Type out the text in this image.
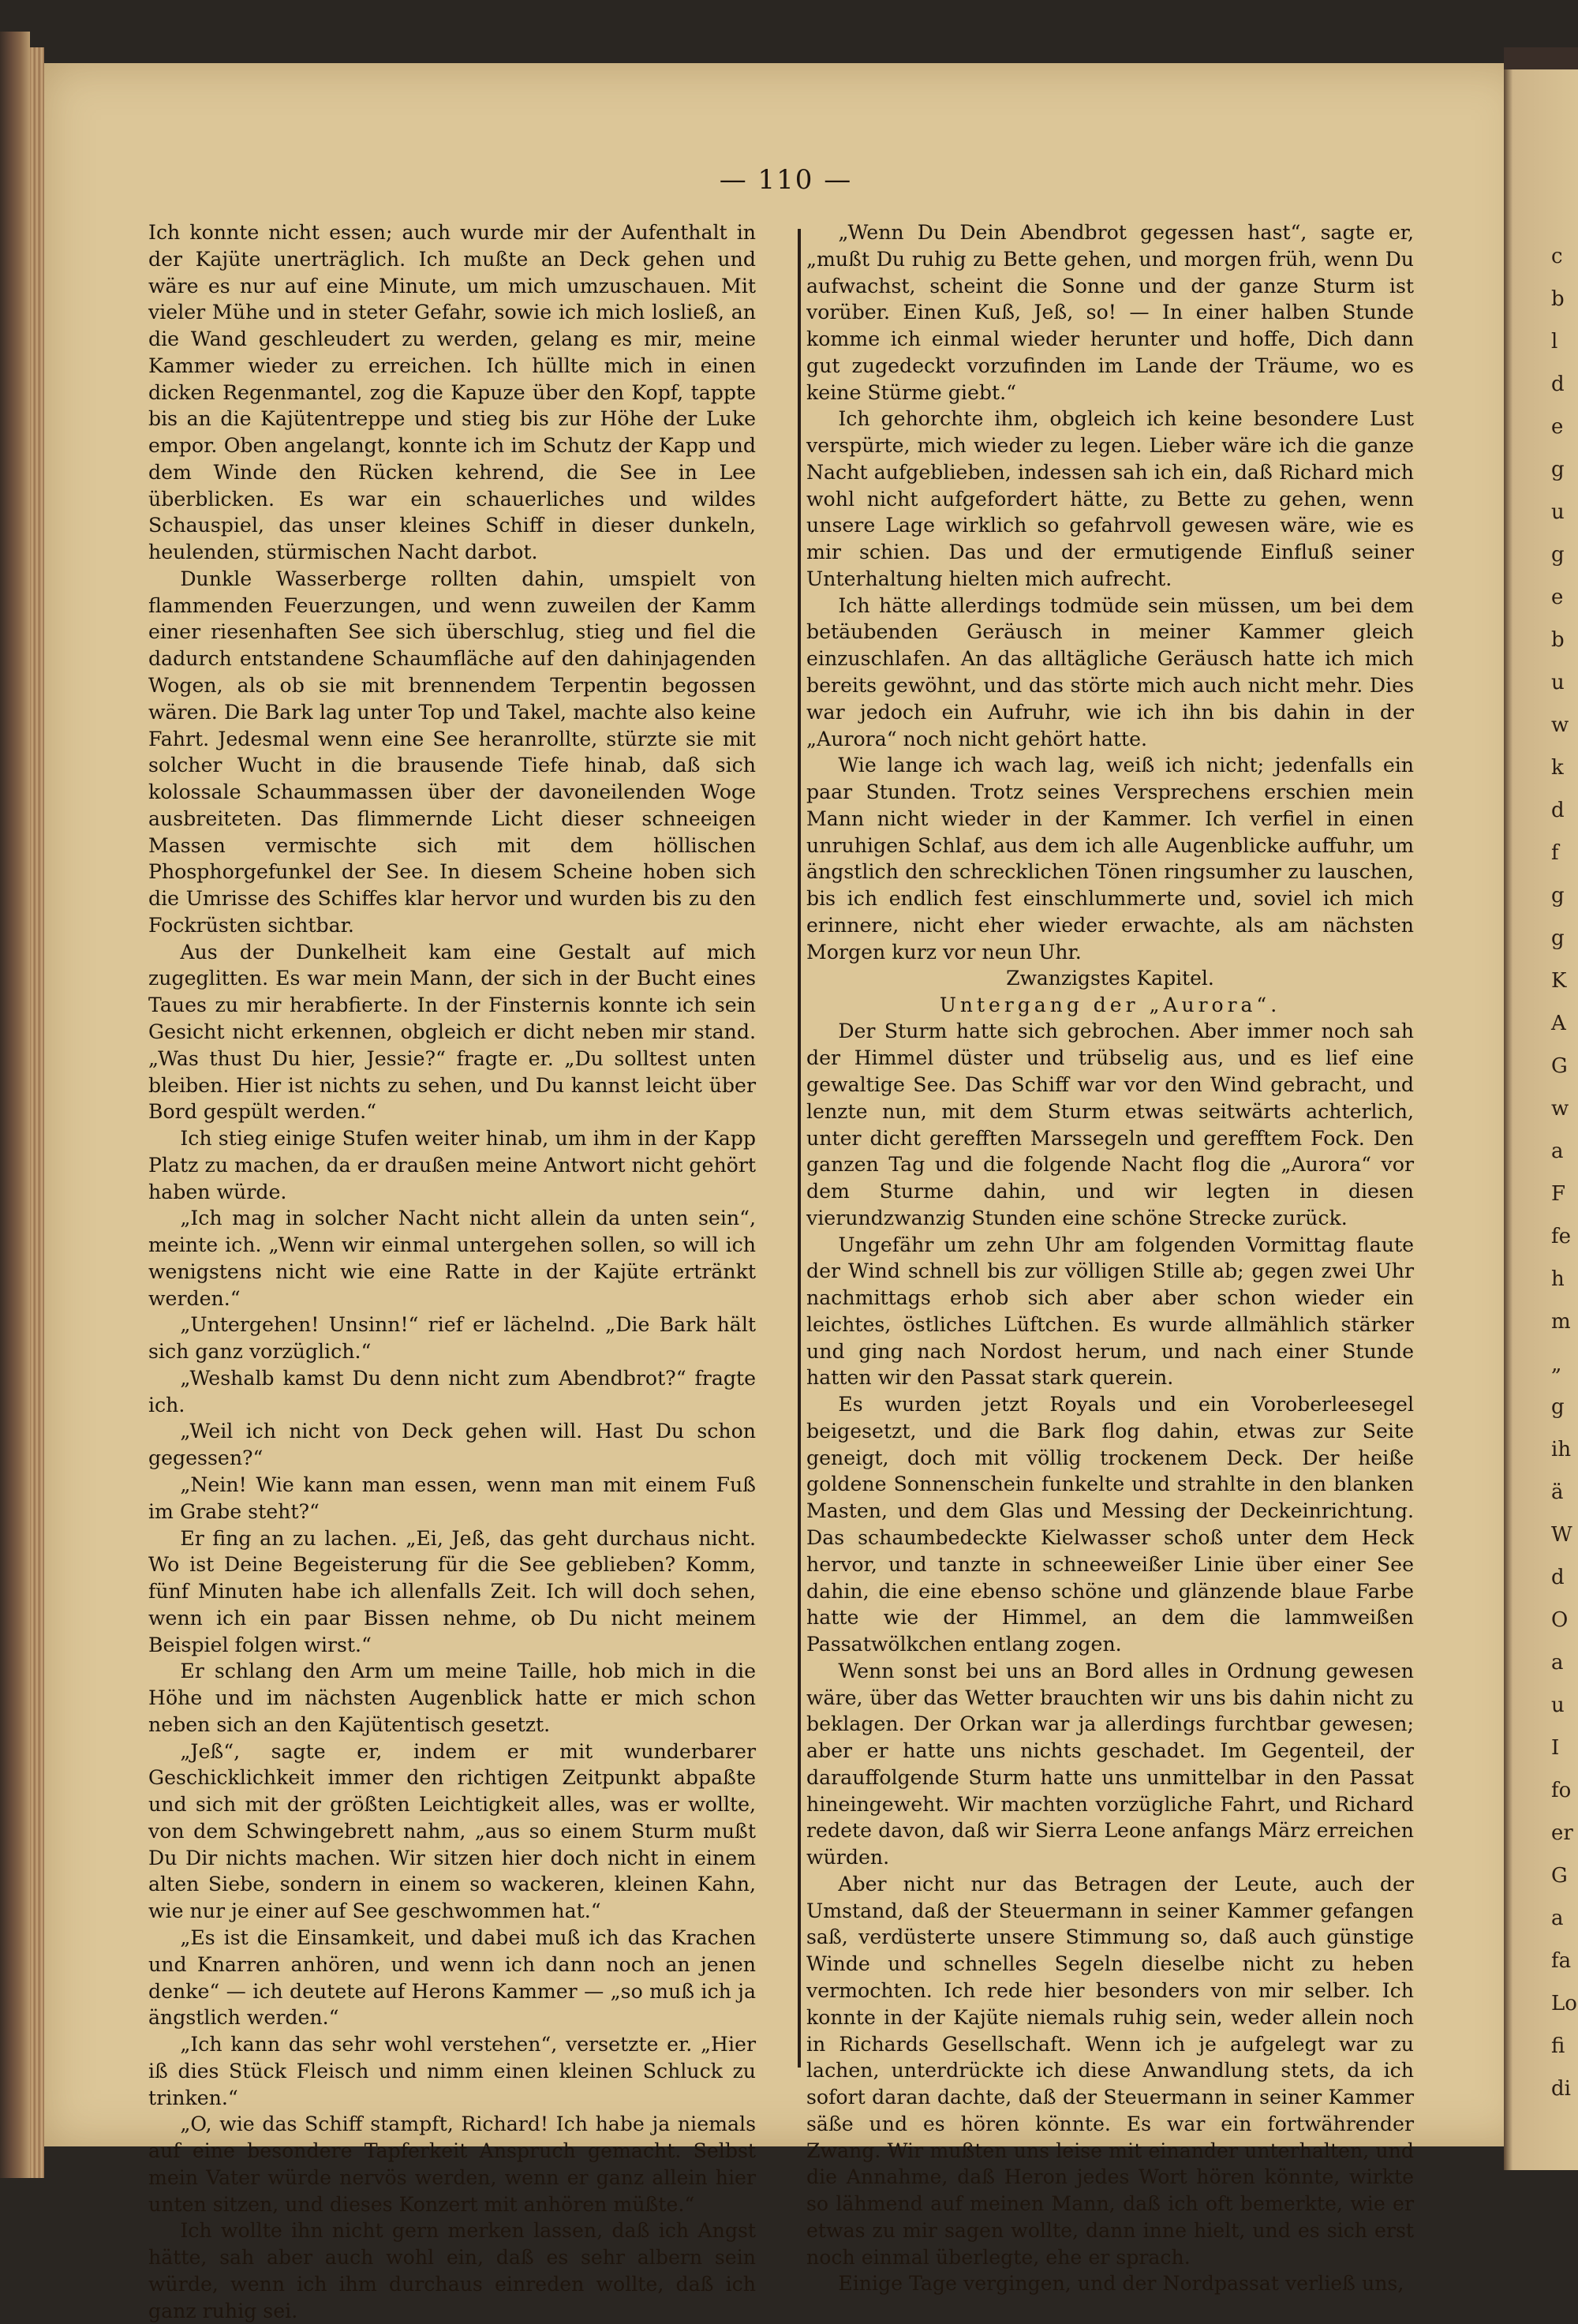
— 110 —

Ich konnte nicht essen; auch wurde mir der Aufenthalt in der Kajüte unerträglich. Ich mußte an Deck gehen und wäre es nur auf eine Minute, um mich umzuschauen. Mit vieler Mühe und in steter Gefahr, sowie ich mich losließ, an die Wand geschleudert zu werden, gelang es mir, meine Kammer wieder zu erreichen. Ich hüllte mich in einen dicken Regenmantel, zog die Kapuze über den Kopf, tappte bis an die Kajütentreppe und stieg bis zur Höhe der Luke empor. Oben angelangt, konnte ich im Schutz der Kapp und dem Winde den Rücken kehrend, die See in Lee überblicken. Es war ein schauerliches und wildes Schauspiel, das unser kleines Schiff in dieser dunkeln, heulenden, stürmischen Nacht darbot.

Dunkle Wasserberge rollten dahin, umspielt von flammenden Feuerzungen, und wenn zuweilen der Kamm einer riesenhaften See sich überschlug, stieg und fiel die dadurch entstandene Schaumfläche auf den dahinjagenden Wogen, als ob sie mit brennendem Terpentin begossen wären. Die Bark lag unter Top und Takel, machte also keine Fahrt. Jedesmal wenn eine See heranrollte, stürzte sie mit solcher Wucht in die brausende Tiefe hinab, daß sich kolossale Schaummassen über der davoneilenden Woge ausbreiteten. Das flimmernde Licht dieser schneeigen Massen vermischte sich mit dem höllischen Phosphorgefunkel der See. In diesem Scheine hoben sich die Umrisse des Schiffes klar hervor und wurden bis zu den Fockrüsten sichtbar.

Aus der Dunkelheit kam eine Gestalt auf mich zugeglitten. Es war mein Mann, der sich in der Bucht eines Taues zu mir herabfierte. In der Finsternis konnte ich sein Gesicht nicht erkennen, obgleich er dicht neben mir stand. „Was thust Du hier, Jessie?“ fragte er. „Du solltest unten bleiben. Hier ist nichts zu sehen, und Du kannst leicht über Bord gespült werden.“

Ich stieg einige Stufen weiter hinab, um ihm in der Kapp Platz zu machen, da er draußen meine Antwort nicht gehört haben würde.

„Ich mag in solcher Nacht nicht allein da unten sein“, meinte ich. „Wenn wir einmal untergehen sollen, so will ich wenigstens nicht wie eine Ratte in der Kajüte ertränkt werden.“

„Untergehen! Unsinn!“ rief er lächelnd. „Die Bark hält sich ganz vorzüglich.“

„Weshalb kamst Du denn nicht zum Abendbrot?“ fragte ich.

„Weil ich nicht von Deck gehen will. Hast Du schon gegessen?“

„Nein! Wie kann man essen, wenn man mit einem Fuß im Grabe steht?“

Er fing an zu lachen. „Ei, Jeß, das geht durchaus nicht. Wo ist Deine Begeisterung für die See geblieben? Komm, fünf Minuten habe ich allenfalls Zeit. Ich will doch sehen, wenn ich ein paar Bissen nehme, ob Du nicht meinem Beispiel folgen wirst.“

Er schlang den Arm um meine Taille, hob mich in die Höhe und im nächsten Augenblick hatte er mich schon neben sich an den Kajütentisch gesetzt.

„Jeß“, sagte er, indem er mit wunderbarer Geschicklichkeit immer den richtigen Zeitpunkt abpaßte und sich mit der größten Leichtigkeit alles, was er wollte, von dem Schwingebrett nahm, „aus so einem Sturm mußt Du Dir nichts machen. Wir sitzen hier doch nicht in einem alten Siebe, sondern in einem so wackeren, kleinen Kahn, wie nur je einer auf See geschwommen hat.“

„Es ist die Einsamkeit, und dabei muß ich das Krachen und Knarren anhören, und wenn ich dann noch an jenen denke“ — ich deutete auf Herons Kammer — „so muß ich ja ängstlich werden.“

„Ich kann das sehr wohl verstehen“, versetzte er. „Hier iß dies Stück Fleisch und nimm einen kleinen Schluck zu trinken.“

„O, wie das Schiff stampft, Richard! Ich habe ja niemals auf eine besondere Tapferkeit Anspruch gemacht. Selbst mein Vater würde nervös werden, wenn er ganz allein hier unten sitzen, und dieses Konzert mit anhören müßte.“

Ich wollte ihn nicht gern merken lassen, daß ich Angst hätte, sah aber auch wohl ein, daß es sehr albern sein würde, wenn ich ihm durchaus einreden wollte, daß ich ganz ruhig sei.

„Wenn Du Dein Abendbrot gegessen hast“, sagte er, „mußt Du ruhig zu Bette gehen, und morgen früh, wenn Du aufwachst, scheint die Sonne und der ganze Sturm ist vorüber. Einen Kuß, Jeß, so! — In einer halben Stunde komme ich einmal wieder herunter und hoffe, Dich dann gut zugedeckt vorzufinden im Lande der Träume, wo es keine Stürme giebt.“

Ich gehorchte ihm, obgleich ich keine besondere Lust verspürte, mich wieder zu legen. Lieber wäre ich die ganze Nacht aufgeblieben, indessen sah ich ein, daß Richard mich wohl nicht aufgefordert hätte, zu Bette zu gehen, wenn unsere Lage wirklich so gefahrvoll gewesen wäre, wie es mir schien. Das und der ermutigende Einfluß seiner Unterhaltung hielten mich aufrecht.

Ich hätte allerdings todmüde sein müssen, um bei dem betäubenden Geräusch in meiner Kammer gleich einzuschlafen. An das alltägliche Geräusch hatte ich mich bereits gewöhnt, und das störte mich auch nicht mehr. Dies war jedoch ein Aufruhr, wie ich ihn bis dahin in der „Aurora“ noch nicht gehört hatte.

Wie lange ich wach lag, weiß ich nicht; jedenfalls ein paar Stunden. Trotz seines Versprechens erschien mein Mann nicht wieder in der Kammer. Ich verfiel in einen unruhigen Schlaf, aus dem ich alle Augenblicke auffuhr, um ängstlich den schrecklichen Tönen ringsumher zu lauschen, bis ich endlich fest einschlummerte und, soviel ich mich erinnere, nicht eher wieder erwachte, als am nächsten Morgen kurz vor neun Uhr.

Zwanzigstes Kapitel.

Untergang der „Aurora“.

Der Sturm hatte sich gebrochen. Aber immer noch sah der Himmel düster und trübselig aus, und es lief eine gewaltige See. Das Schiff war vor den Wind gebracht, und lenzte nun, mit dem Sturm etwas seitwärts achterlich, unter dicht gerefften Marssegeln und gerefftem Fock. Den ganzen Tag und die folgende Nacht flog die „Aurora“ vor dem Sturme dahin, und wir legten in diesen vierundzwanzig Stunden eine schöne Strecke zurück.

Ungefähr um zehn Uhr am folgenden Vormittag flaute der Wind schnell bis zur völligen Stille ab; gegen zwei Uhr nachmittags erhob sich aber aber schon wieder ein leichtes, östliches Lüftchen. Es wurde allmählich stärker und ging nach Nordost herum, und nach einer Stunde hatten wir den Passat stark querein.

Es wurden jetzt Royals und ein Voroberleesegel beigesetzt, und die Bark flog dahin, etwas zur Seite geneigt, doch mit völlig trockenem Deck. Der heiße goldene Sonnenschein funkelte und strahlte in den blanken Masten, und dem Glas und Messing der Deckeinrichtung. Das schaumbedeckte Kielwasser schoß unter dem Heck hervor, und tanzte in schneeweißer Linie über einer See dahin, die eine ebenso schöne und glänzende blaue Farbe hatte wie der Himmel, an dem die lammweißen Passatwölkchen entlang zogen.

Wenn sonst bei uns an Bord alles in Ordnung gewesen wäre, über das Wetter brauchten wir uns bis dahin nicht zu beklagen. Der Orkan war ja allerdings furchtbar gewesen; aber er hatte uns nichts geschadet. Im Gegenteil, der darauffolgende Sturm hatte uns unmittelbar in den Passat hineingeweht. Wir machten vorzügliche Fahrt, und Richard redete davon, daß wir Sierra Leone anfangs März erreichen würden.

Aber nicht nur das Betragen der Leute, auch der Umstand, daß der Steuermann in seiner Kammer gefangen saß, verdüsterte unsere Stimmung so, daß auch günstige Winde und schnelles Segeln dieselbe nicht zu heben vermochten. Ich rede hier besonders von mir selber. Ich konnte in der Kajüte niemals ruhig sein, weder allein noch in Richards Gesellschaft. Wenn ich je aufgelegt war zu lachen, unterdrückte ich diese Anwandlung stets, da ich sofort daran dachte, daß der Steuermann in seiner Kammer säße und es hören könnte. Es war ein fortwährender Zwang. Wir mußten uns leise mit einander unterhalten, und die Annahme, daß Heron jedes Wort hören könnte, wirkte so lähmend auf meinen Mann, daß ich oft bemerkte, wie er etwas zu mir sagen wollte, dann inne hielt, und es sich erst noch einmal überlegte, ehe er sprach.

Einige Tage vergingen, und der Nordpassat verließ uns,

c
b
l
d
e
g
u
g
e
b
u
w
k
d
f
g
g
K
A
G
w
a
F
fe
h
m
„
g
ih
ä
W
d
O
a
u
I
fo
er
G
a
fa
Lo
fi
di
